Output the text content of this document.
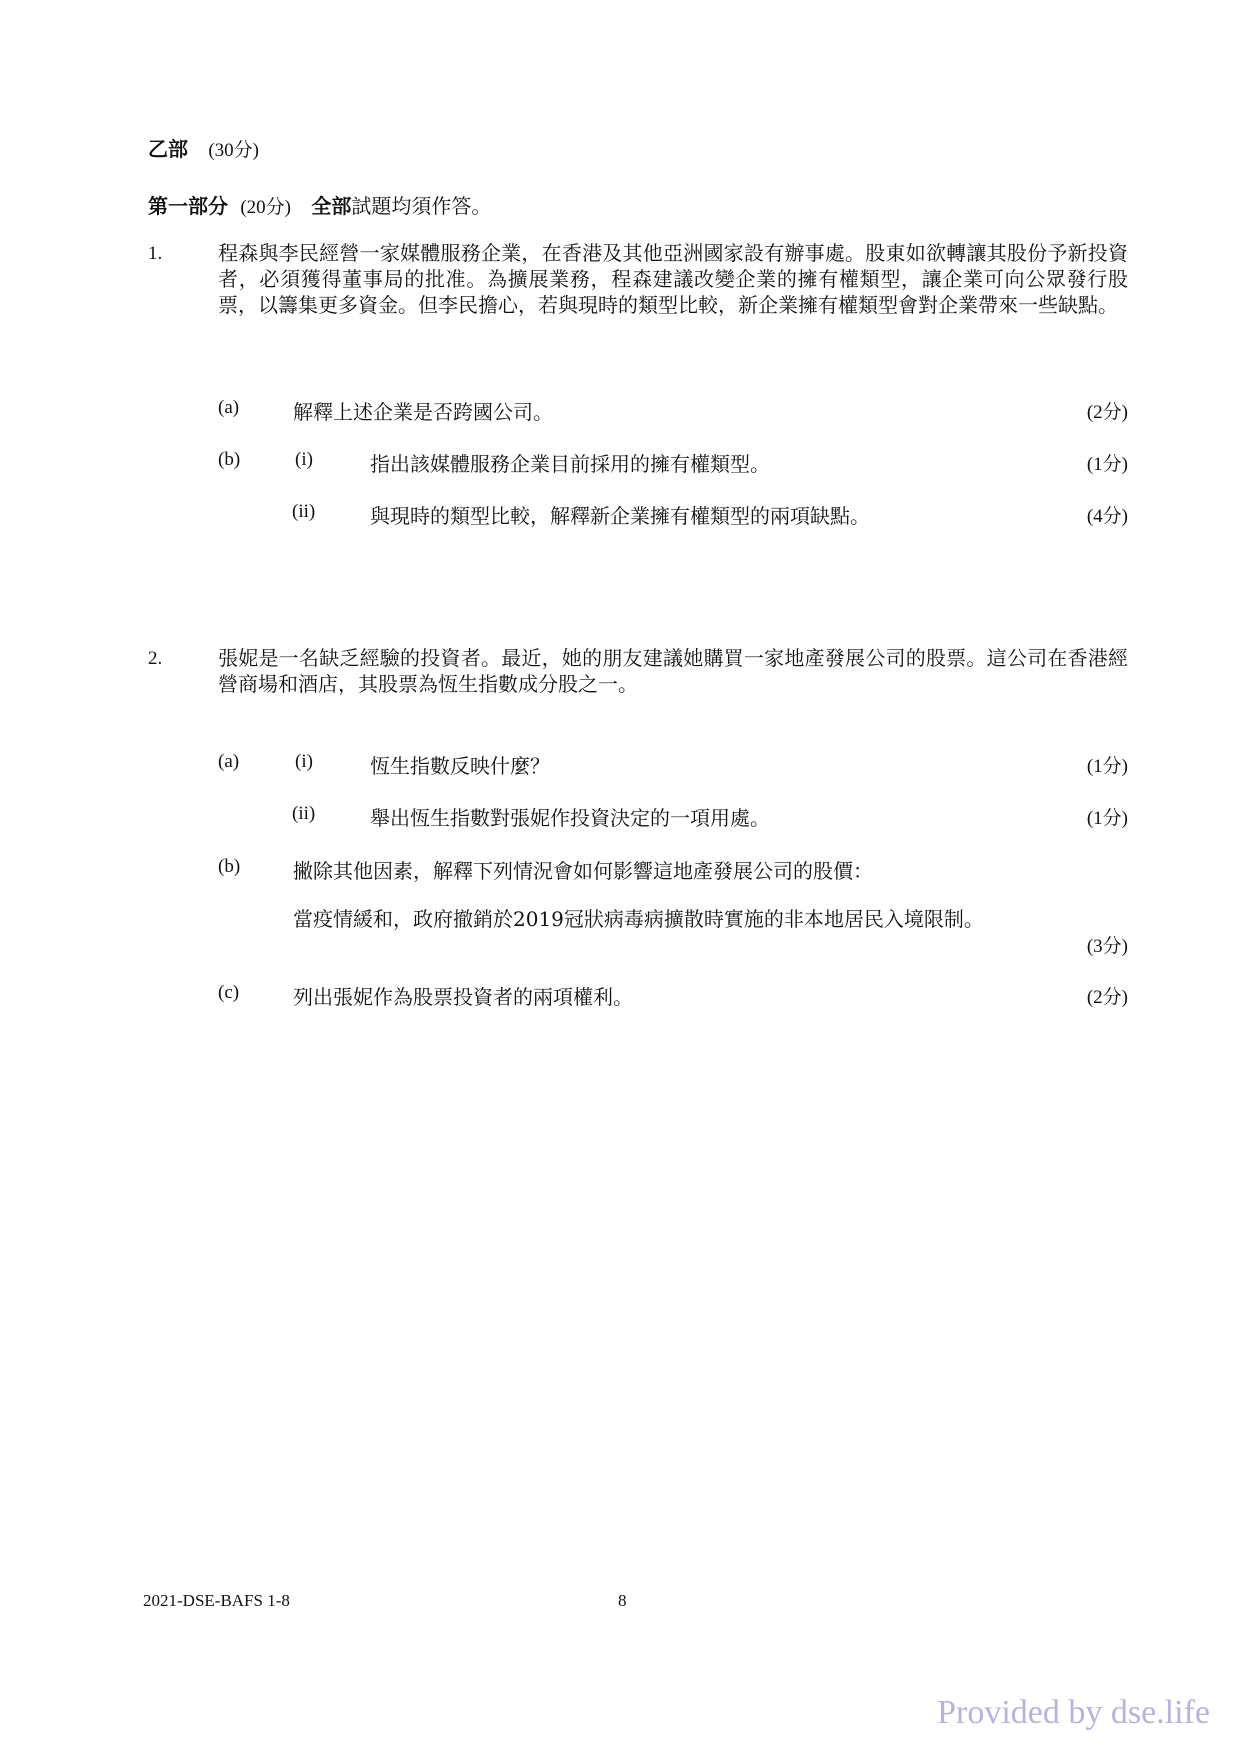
乙部 (30分)
第一部分 (20分) 全部試題均須作答。
1.	程森與李民經營一家媒體服務企業，在香港及其他亞洲國家設有辦事處。股東如欲轉讓其股份予新投資者，必須獲得董事局的批准。為擴展業務，程森建議改變企業的擁有權類型，讓企業可向公眾發行股票，以籌集更多資金。但李民擔心，若與現時的類型比較，新企業擁有權類型會對企業帶來一些缺點。
(a)	解釋上述企業是否跨國公司。	(2分)
(b)	(i)	指出該媒體服務企業目前採用的擁有權類型。	(1分)
(ii)	與現時的類型比較，解釋新企業擁有權類型的兩項缺點。	(4分)
2.	張妮是一名缺乏經驗的投資者。最近，她的朋友建議她購買一家地產發展公司的股票。這公司在香港經營商場和酒店，其股票為恆生指數成分股之一。
(a)	(i)	恆生指數反映什麼？	(1分)
(ii)	舉出恆生指數對張妮作投資決定的一項用處。	(1分)
(b)	撇除其他因素，解釋下列情況會如何影響這地產發展公司的股價：
當疫情緩和，政府撤銷於2019冠狀病毒病擴散時實施的非本地居民入境限制。
(3分)
(c)	列出張妮作為股票投資者的兩項權利。	(2分)
2021-DSE-BAFS 1-8	8
Provided by dse.life
